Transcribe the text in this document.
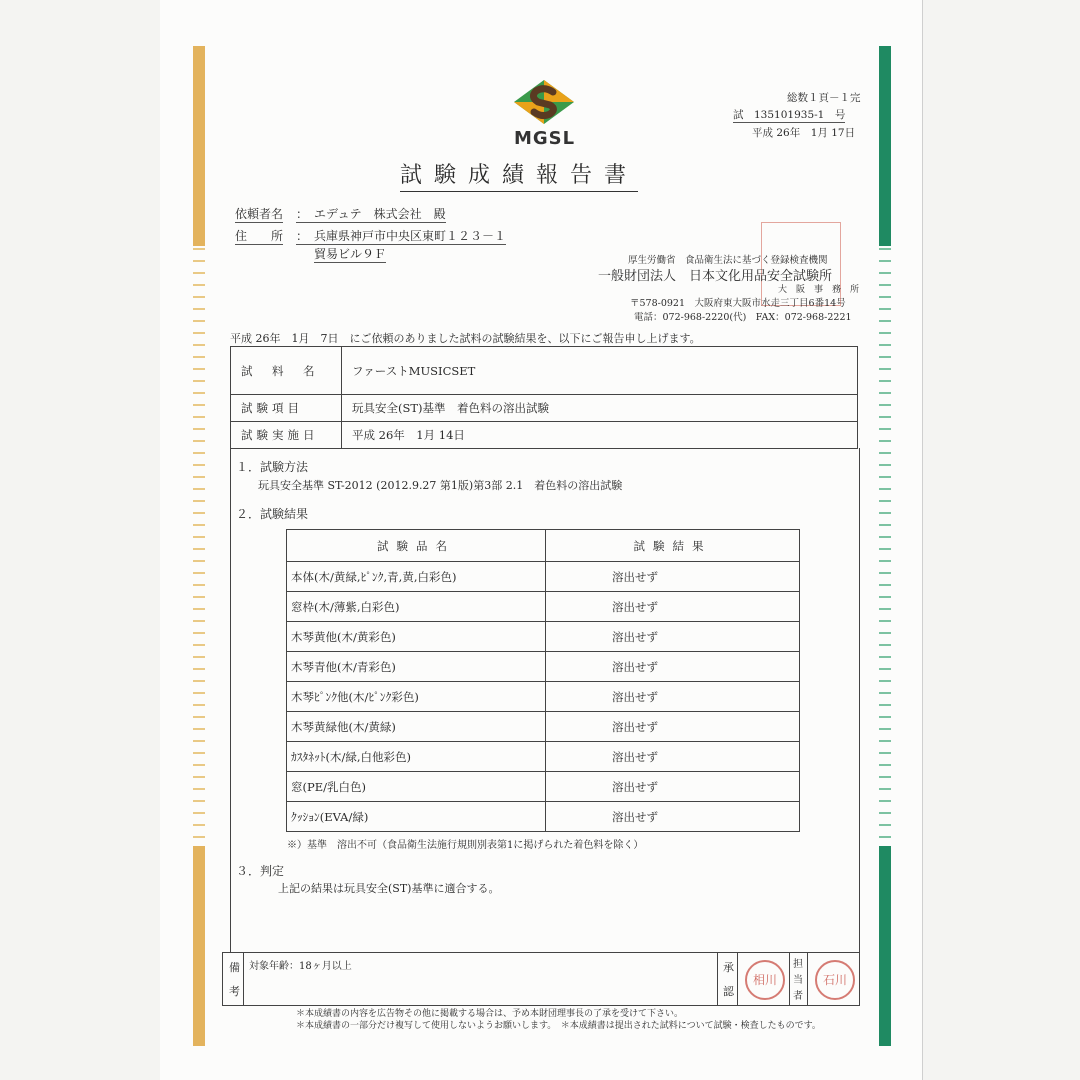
MGSL
総数１頁－１完
試　135101935-1　号
平成 26年　1月 17日
試験成績報告書
依頼者名 ：　エデュテ　株式会社　殿
住　　所 ：　兵庫県神戸市中央区東町１２３－１
貿易ビル９Ｆ	厚生労働省　食品衛生法に基づく登録検査機関
一般財団法人　日本文化用品安全試験所
大　阪　事　務　所
〒578-0921　大阪府東大阪市水走三丁目6番14号
電話：072-968-2220(代)　FAX：072-968-2221
平成 26年　1月　7日　にご依頼のありました試料の試験結果を、以下にご報告申し上げます。
試　料　名	ファーストMUSICSET
試験項目	玩具安全(ST)基準　着色料の溶出試験
試験実施日	平成 26年　1月 14日
１．試験方法
玩具安全基準 ST-2012 (2012.9.27 第1版)第3部 2.1　着色料の溶出試験
２．試験結果
試験品名	試験結果
本体(木/黄緑,ﾋﾟﾝｸ,青,黄,白彩色)	溶出せず
窓枠(木/薄紫,白彩色)	溶出せず
木琴黄他(木/黄彩色)	溶出せず
木琴青他(木/青彩色)	溶出せず
木琴ﾋﾟﾝｸ他(木/ﾋﾟﾝｸ彩色)	溶出せず
木琴黄緑他(木/黄緑)	溶出せず
ｶｽﾀﾈｯﾄ(木/緑,白他彩色)	溶出せず
窓(PE/乳白色)	溶出せず
ｸｯｼｮﾝ(EVA/緑)	溶出せず
※）基準　溶出不可（食品衛生法施行規則別表第1に掲げられた着色料を除く）
３．判定
上記の結果は玩具安全(ST)基準に適合する。
備
考
対象年齢：18ヶ月以上	承
認
相川
担
当
者
石川
＊本成績書の内容を広告物その他に掲載する場合は、予め本財団理事長の了承を受けて下さい。
＊本成績書の一部分だけ複写して使用しないようお願いします。　＊本成績書は提出された試料について試験・検査したものです。
